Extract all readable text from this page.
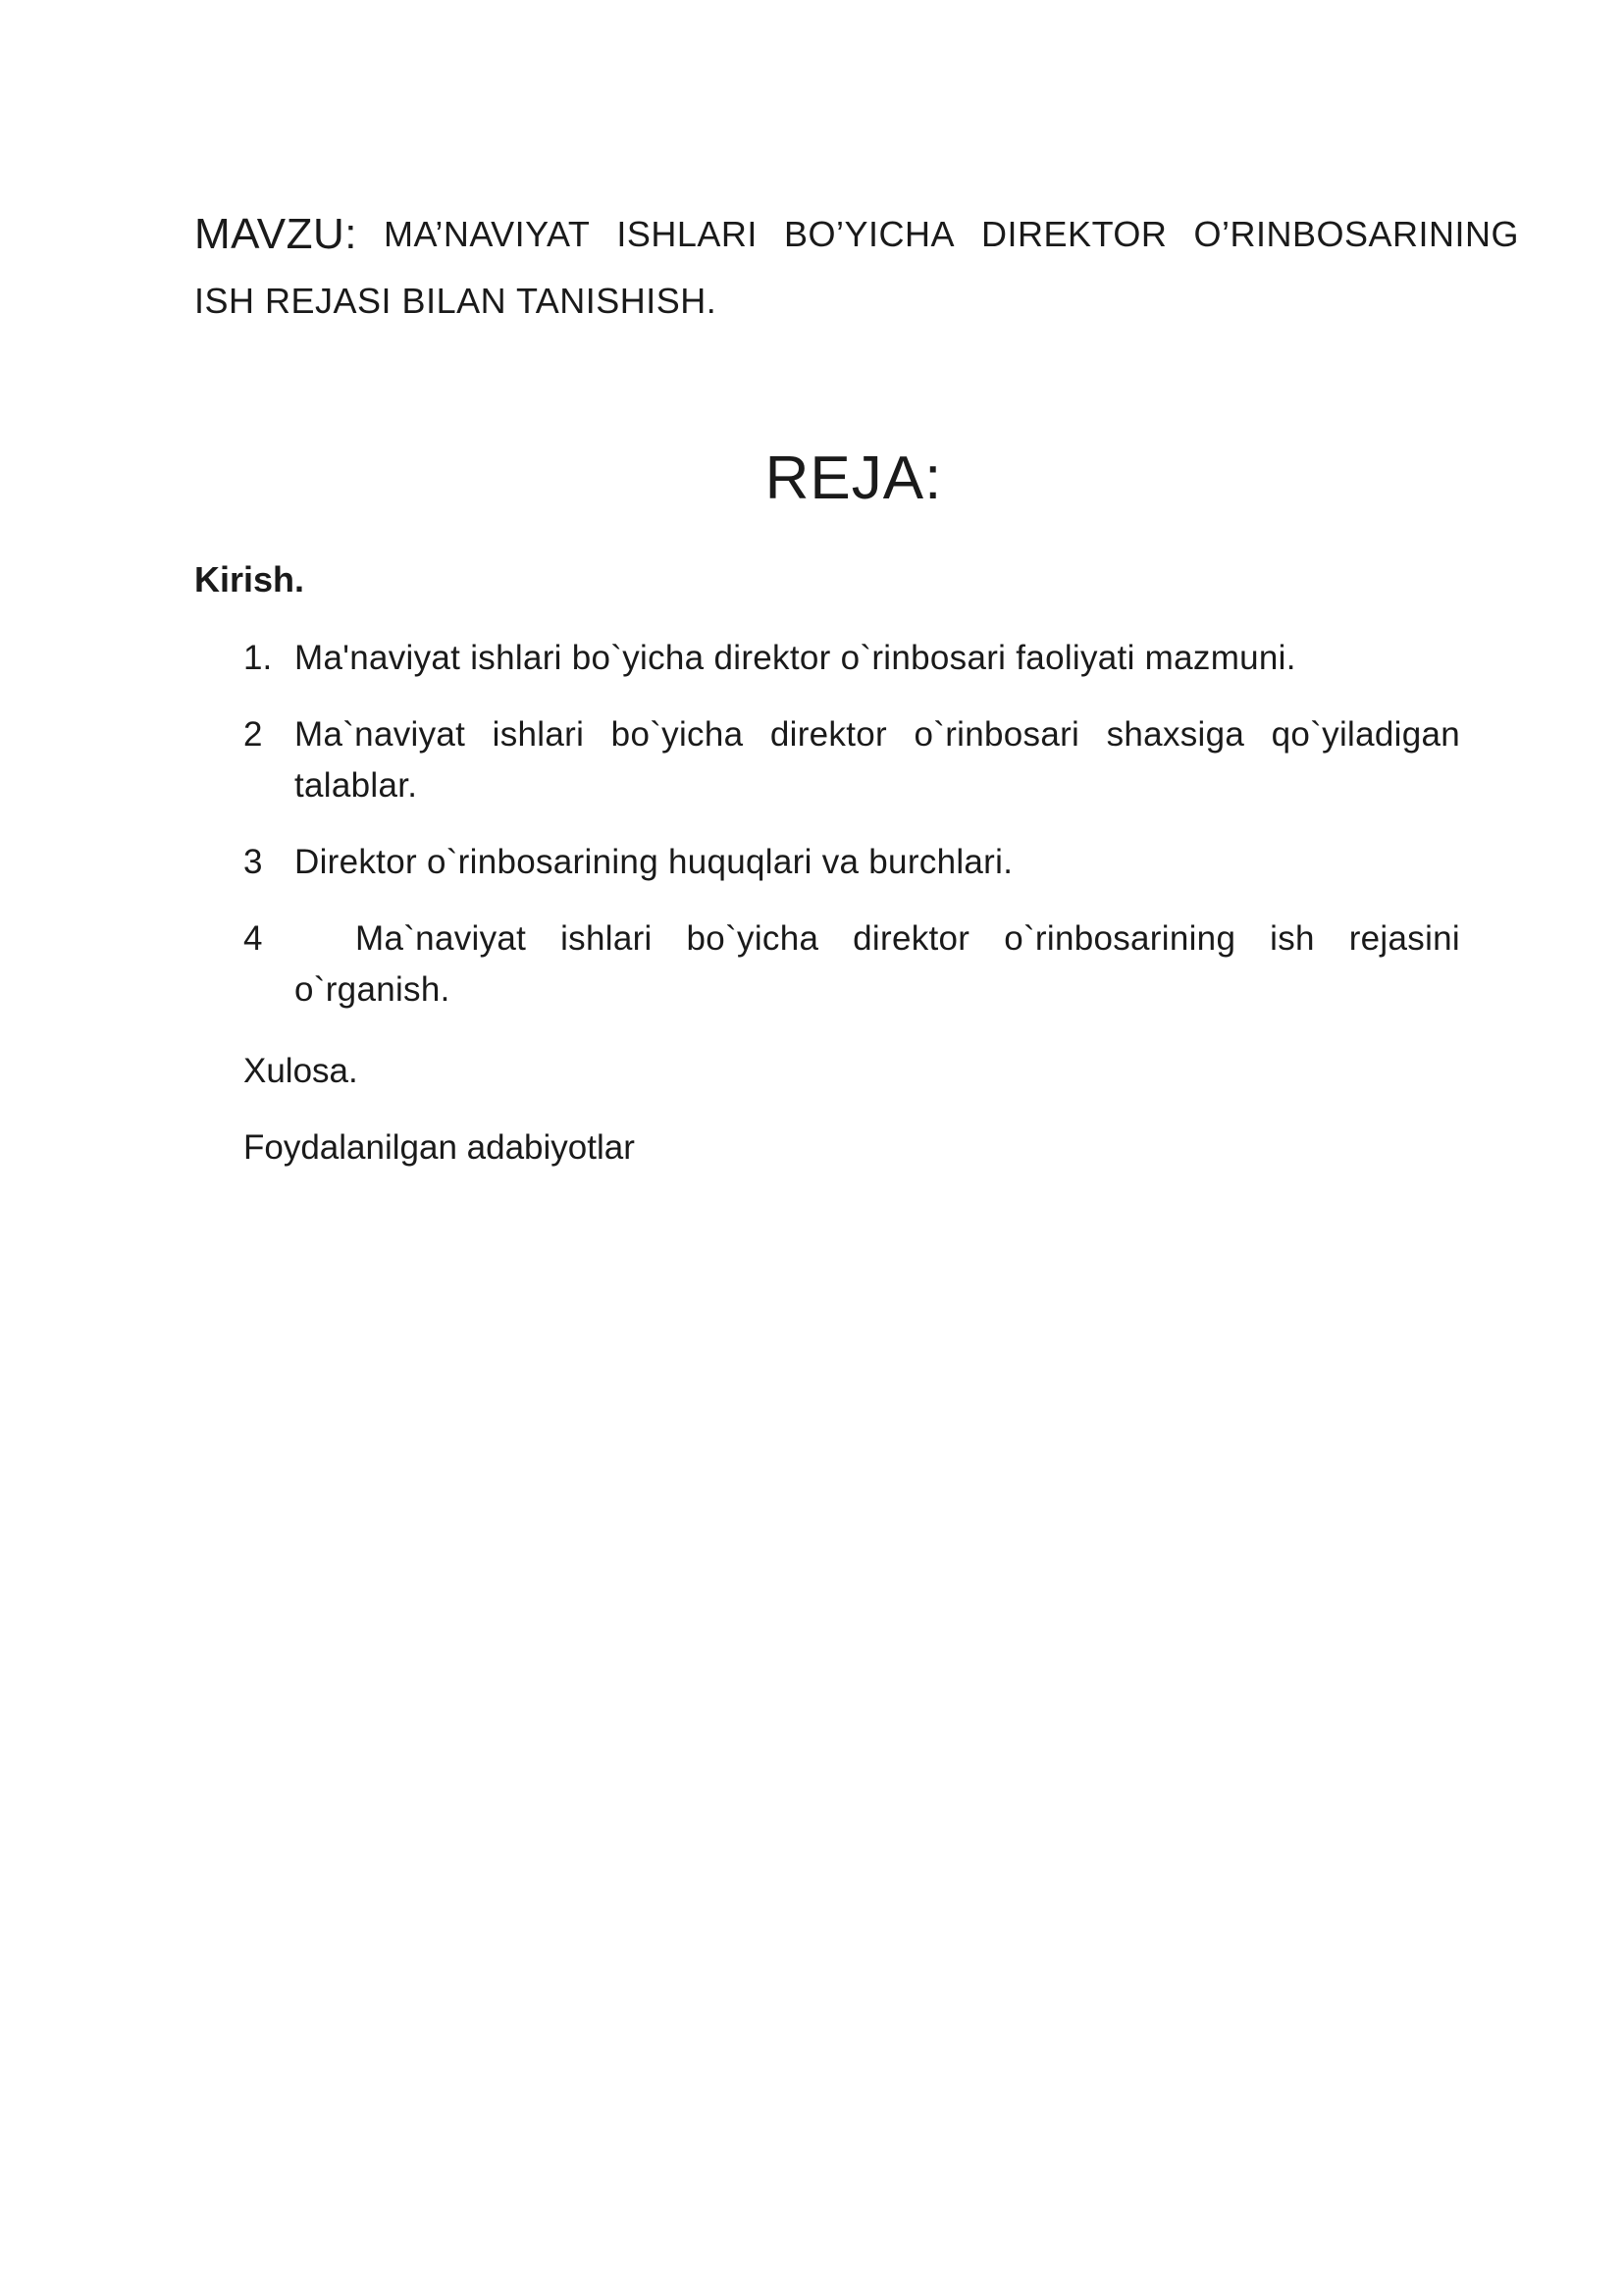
MAVZU: MA’NAVIYAT ISHLARI BO’YICHA DIREKTOR O’RINBOSARINING
ISH REJASI BILAN TANISHISH.
REJA:
Kirish.
1. Ma'naviyat ishlari bo`yicha direktor o`rinbosari faoliyati mazmuni.
2 Ma`naviyat ishlari bo`yicha direktor o`rinbosari shaxsiga qo`yiladigan talablar.
3 Direktor o`rinbosarining huquqlari va burchlari.
4	Ma`naviyat ishlari bo`yicha direktor o`rinbosarining ish rejasini o`rganish.
Xulosa.
Foydalanilgan adabiyotlar
